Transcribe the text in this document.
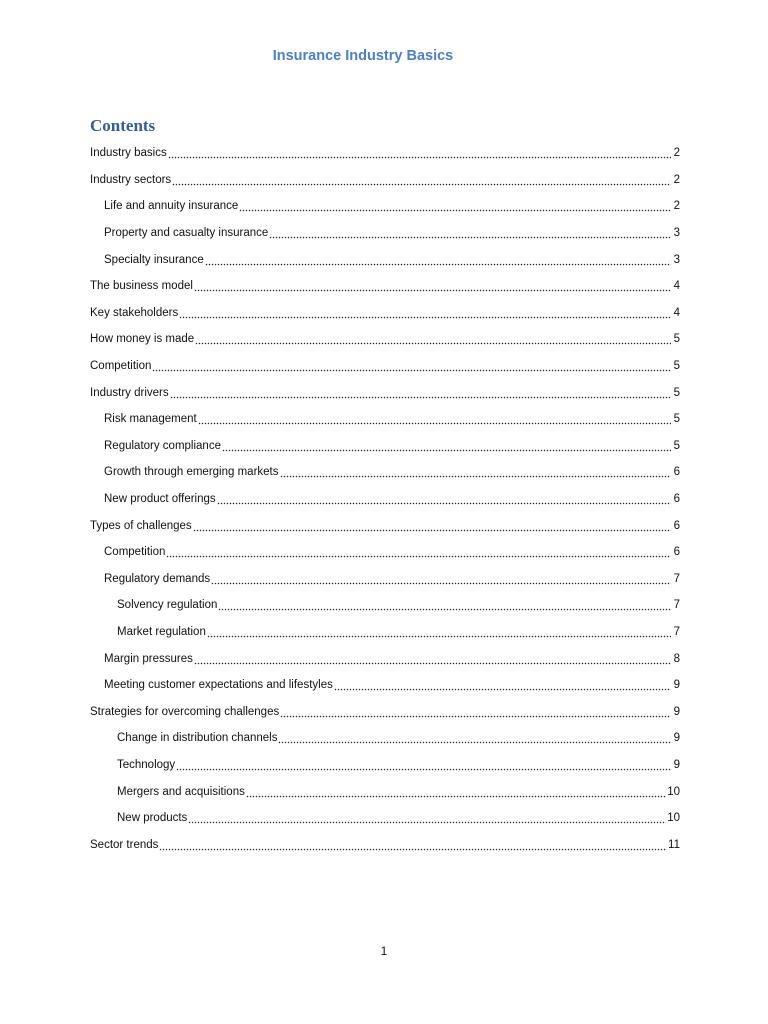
Insurance Industry Basics
Contents
Industry basics	2
Industry sectors	2
Life and annuity insurance	2
Property and casualty insurance	3
Specialty insurance	3
The business model	4
Key stakeholders	4
How money is made	5
Competition	5
Industry drivers	5
Risk management	5
Regulatory compliance	5
Growth through emerging markets	6
New product offerings	6
Types of challenges	6
Competition	6
Regulatory demands	7
Solvency regulation	7
Market regulation	7
Margin pressures	8
Meeting customer expectations and lifestyles	9
Strategies for overcoming challenges	9
Change in distribution channels	9
Technology	9
Mergers and acquisitions	10
New products	10
Sector trends	11
1
